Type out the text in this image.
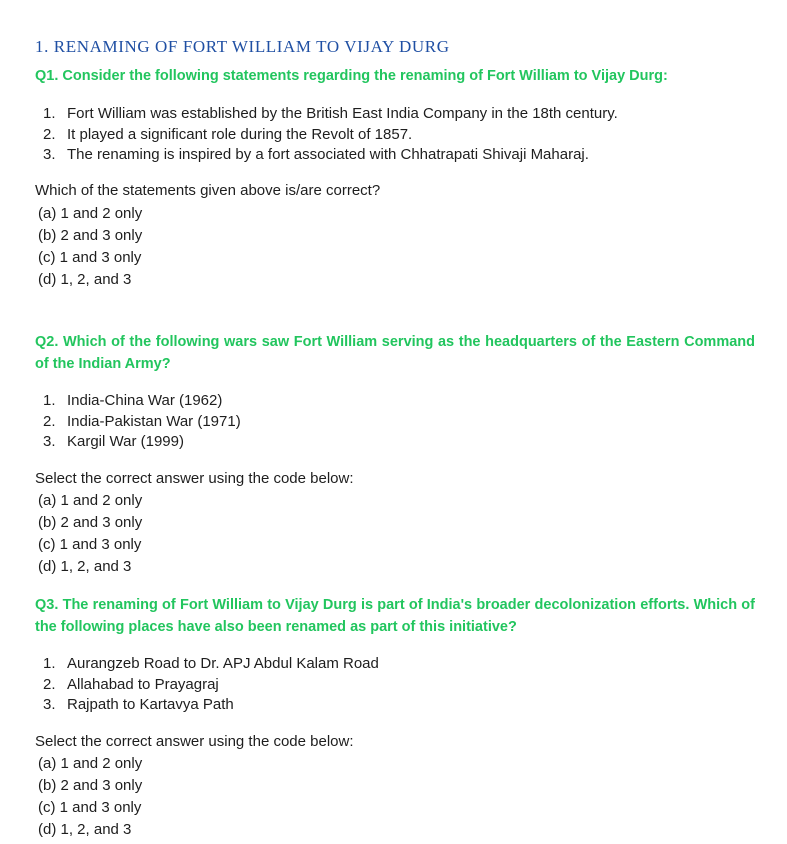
1. RENAMING OF FORT WILLIAM TO VIJAY DURG
Q1. Consider the following statements regarding the renaming of Fort William to Vijay Durg:
1. Fort William was established by the British East India Company in the 18th century.
2. It played a significant role during the Revolt of 1857.
3. The renaming is inspired by a fort associated with Chhatrapati Shivaji Maharaj.
Which of the statements given above is/are correct?
(a) 1 and 2 only
(b) 2 and 3 only
(c) 1 and 3 only
(d) 1, 2, and 3
Q2. Which of the following wars saw Fort William serving as the headquarters of the Eastern Command of the Indian Army?
1. India-China War (1962)
2. India-Pakistan War (1971)
3. Kargil War (1999)
Select the correct answer using the code below:
(a) 1 and 2 only
(b) 2 and 3 only
(c) 1 and 3 only
(d) 1, 2, and 3
Q3. The renaming of Fort William to Vijay Durg is part of India's broader decolonization efforts. Which of the following places have also been renamed as part of this initiative?
1. Aurangzeb Road to Dr. APJ Abdul Kalam Road
2. Allahabad to Prayagraj
3. Rajpath to Kartavya Path
Select the correct answer using the code below:
(a) 1 and 2 only
(b) 2 and 3 only
(c) 1 and 3 only
(d) 1, 2, and 3
